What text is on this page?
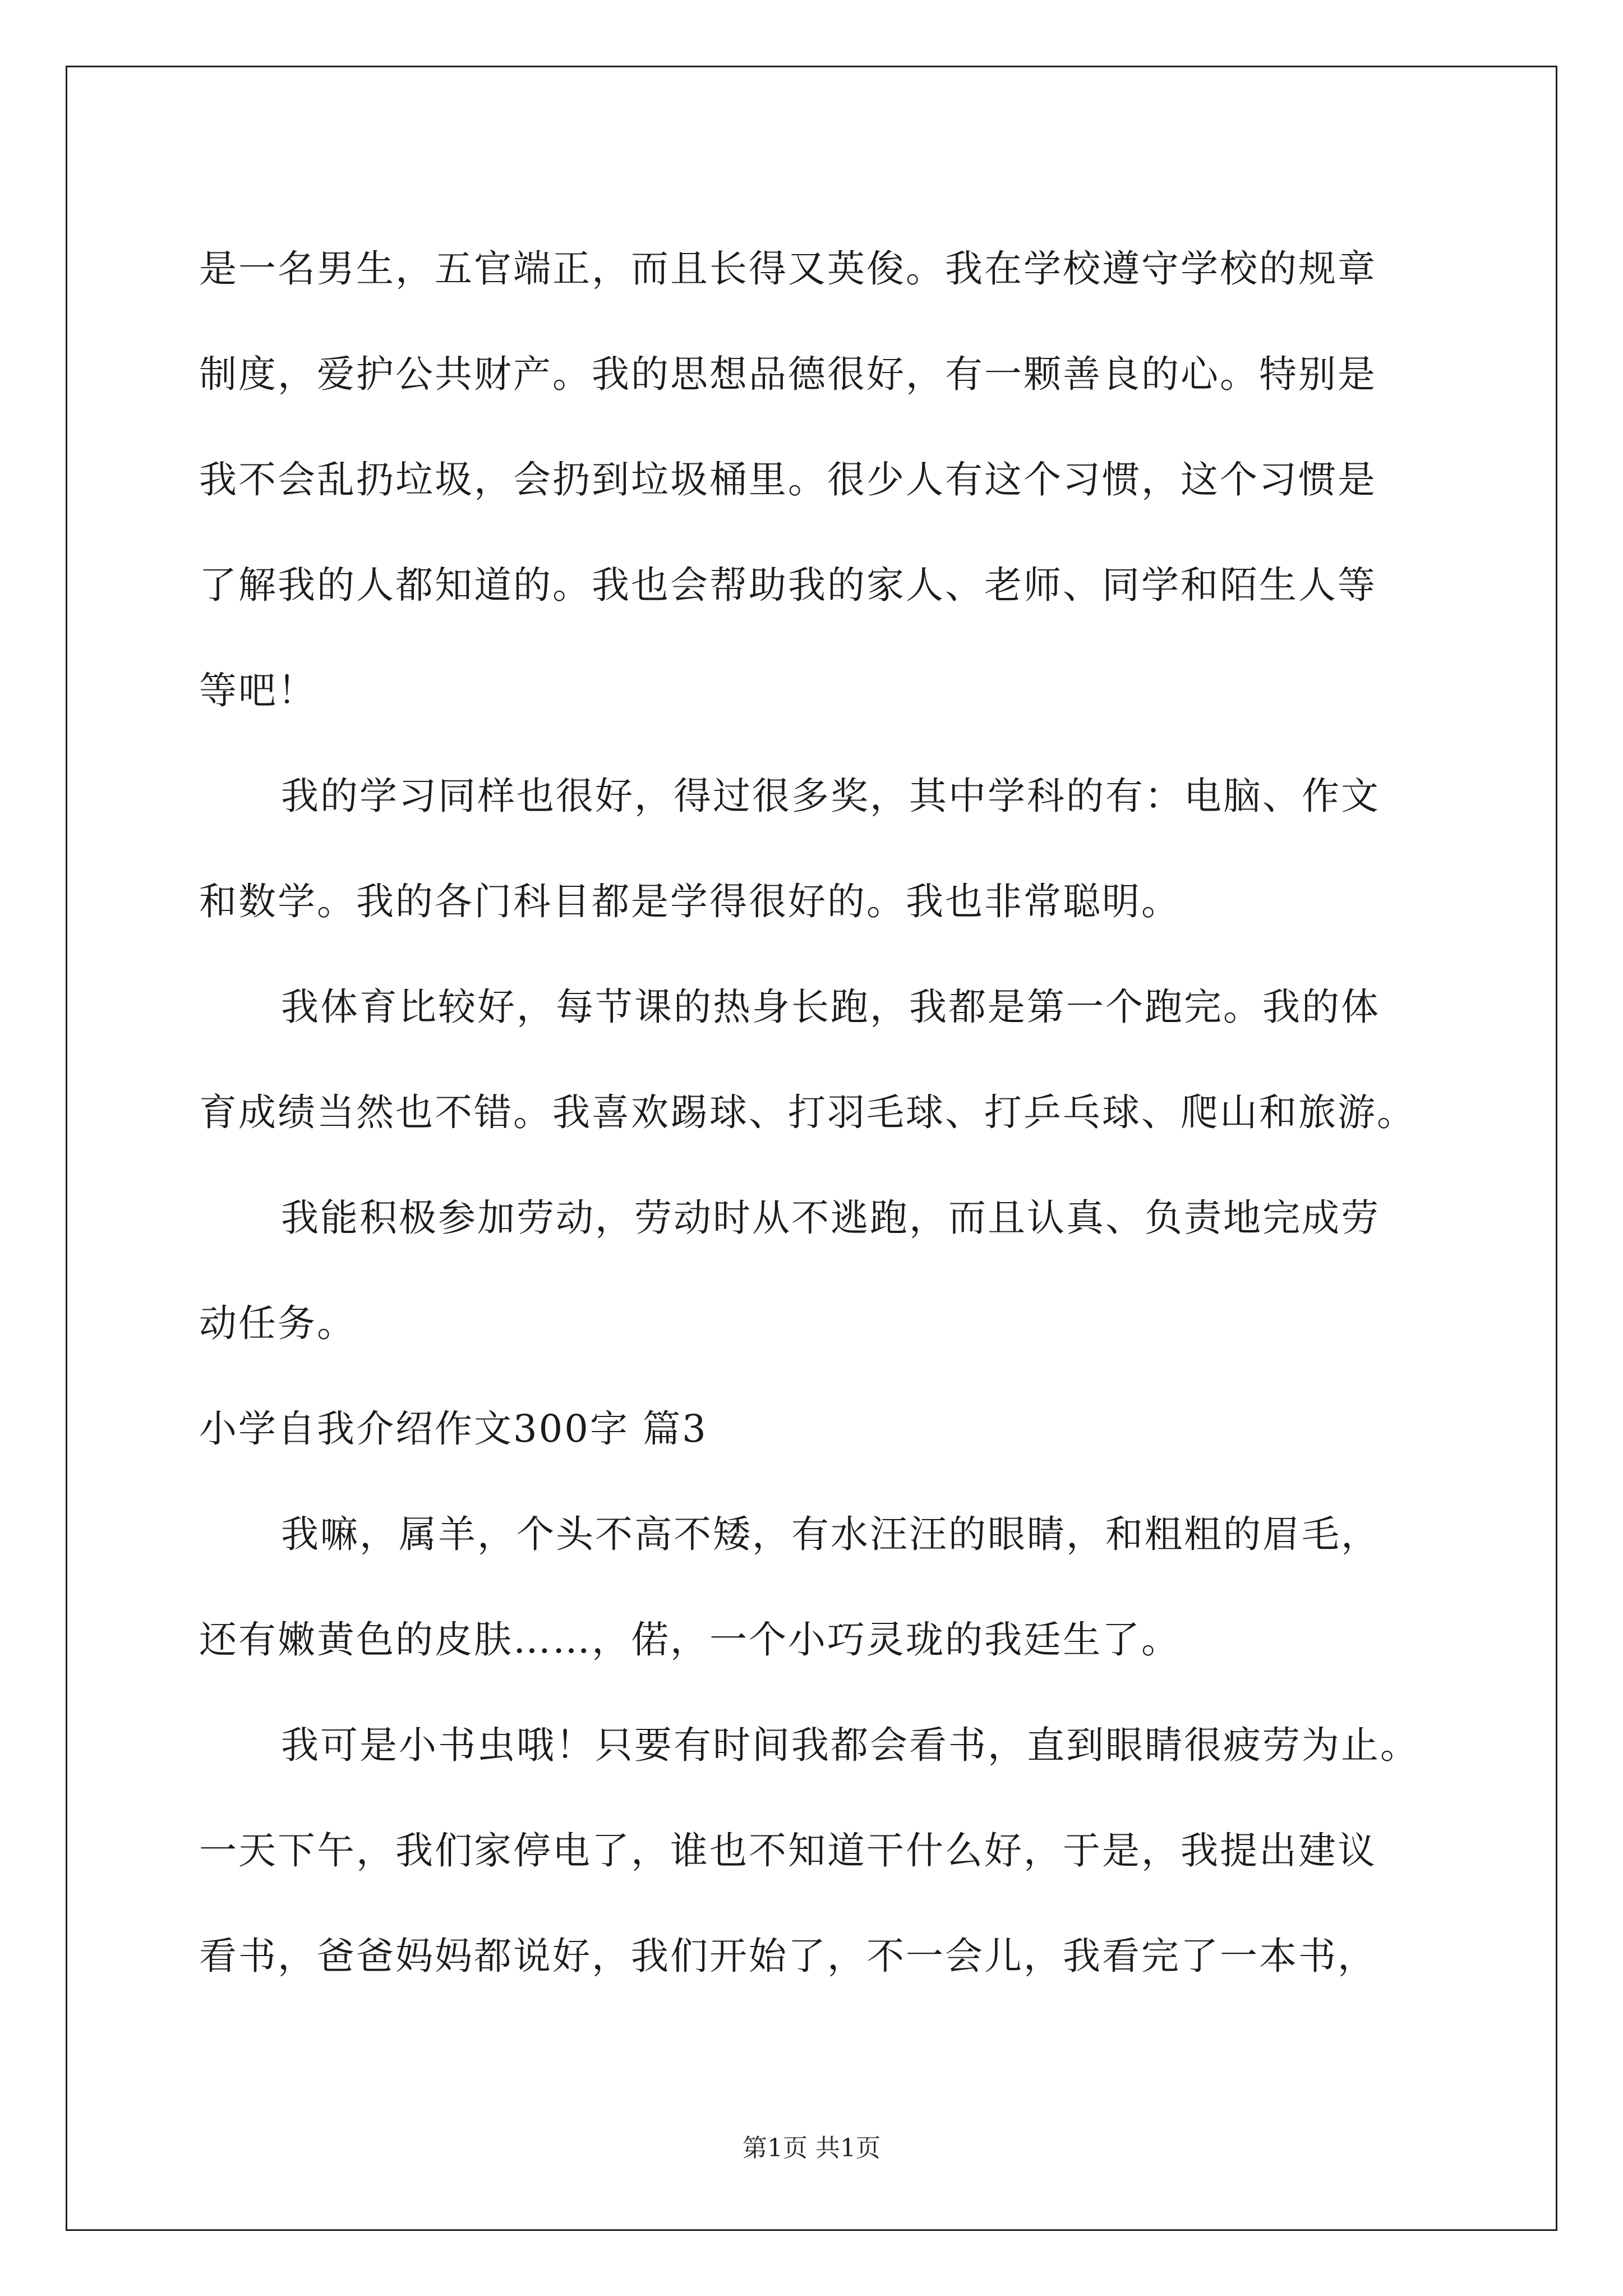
是一名男生，五官端正，而且长得又英俊。我在学校遵守学校的规章

制度，爱护公共财产。我的思想品德很好，有一颗善良的心。特别是

我不会乱扔垃圾，会扔到垃圾桶里。很少人有这个习惯，这个习惯是

了解我的人都知道的。我也会帮助我的家人、老师、同学和陌生人等

等吧！

我的学习同样也很好，得过很多奖，其中学科的有：电脑、作文

和数学。我的各门科目都是学得很好的。我也非常聪明。

我体育比较好，每节课的热身长跑，我都是第一个跑完。我的体

育成绩当然也不错。我喜欢踢球、打羽毛球、打乒乓球、爬山和旅游。

我能积极参加劳动，劳动时从不逃跑，而且认真、负责地完成劳

动任务。

小学自我介绍作文300字 篇3

我嘛，属羊，个头不高不矮，有水汪汪的眼睛，和粗粗的眉毛，

还有嫩黄色的皮肤……，偌，一个小巧灵珑的我廷生了。

我可是小书虫哦！只要有时间我都会看书，直到眼睛很疲劳为止。

一天下午，我们家停电了，谁也不知道干什么好，于是，我提出建议

看书，爸爸妈妈都说好，我们开始了，不一会儿，我看完了一本书，

第1页 共1页
